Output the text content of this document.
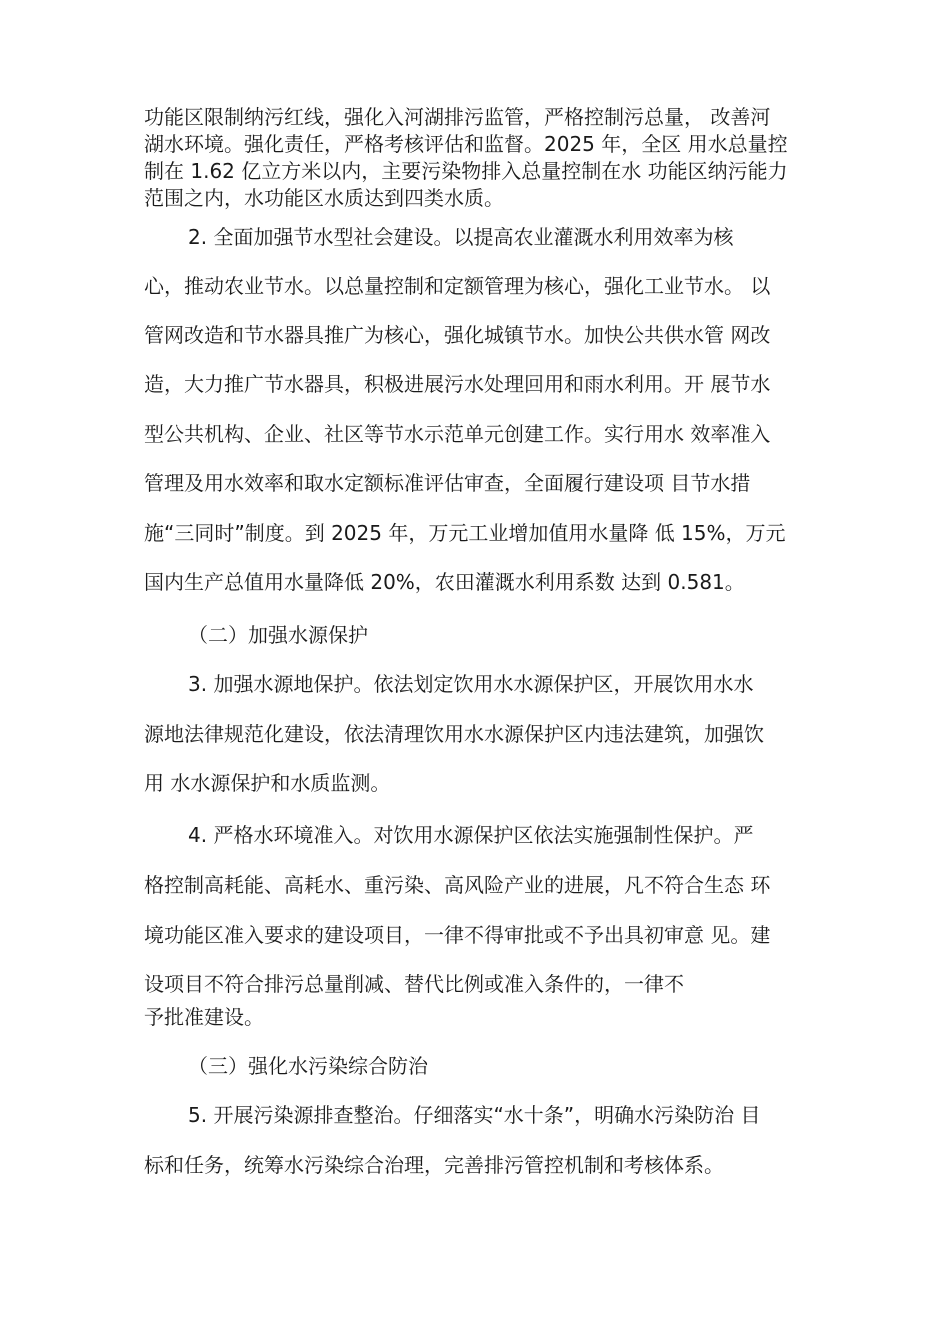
功能区限制纳污红线，强化入河湖排污监管，严格控制污总量， 改善河

湖水环境。强化责任，严格考核评估和监督。2025 年，全区 用水总量控

制在 1.62 亿立方米以内，主要污染物排入总量控制在水 功能区纳污能力

范围之内，水功能区水质达到四类水质。

2. 全面加强节水型社会建设。以提高农业灌溉水利用效率为核

心，推动农业节水。以总量控制和定额管理为核心，强化工业节水。 以

管网改造和节水器具推广为核心，强化城镇节水。加快公共供水管 网改

造，大力推广节水器具，积极进展污水处理回用和雨水利用。开 展节水

型公共机构、企业、社区等节水示范单元创建工作。实行用水 效率准入

管理及用水效率和取水定额标准评估审查，全面履行建设项 目节水措

施“三同时”制度。到 2025 年，万元工业增加值用水量降 低 15%，万元

国内生产总值用水量降低 20%，农田灌溉水利用系数 达到 0.581。

（二）加强水源保护

3. 加强水源地保护。依法划定饮用水水源保护区，开展饮用水水

源地法律规范化建设，依法清理饮用水水源保护区内违法建筑，加强饮

用 水水源保护和水质监测。

4. 严格水环境准入。对饮用水源保护区依法实施强制性保护。严

格控制高耗能、高耗水、重污染、高风险产业的进展，凡不符合生态 环

境功能区准入要求的建设项目，一律不得审批或不予出具初审意 见。建

设项目不符合排污总量削减、替代比例或准入条件的，一律不

予批准建设。

（三）强化水污染综合防治

5. 开展污染源排查整治。仔细落实“水十条”，明确水污染防治 目

标和任务，统筹水污染综合治理，完善排污管控机制和考核体系。
